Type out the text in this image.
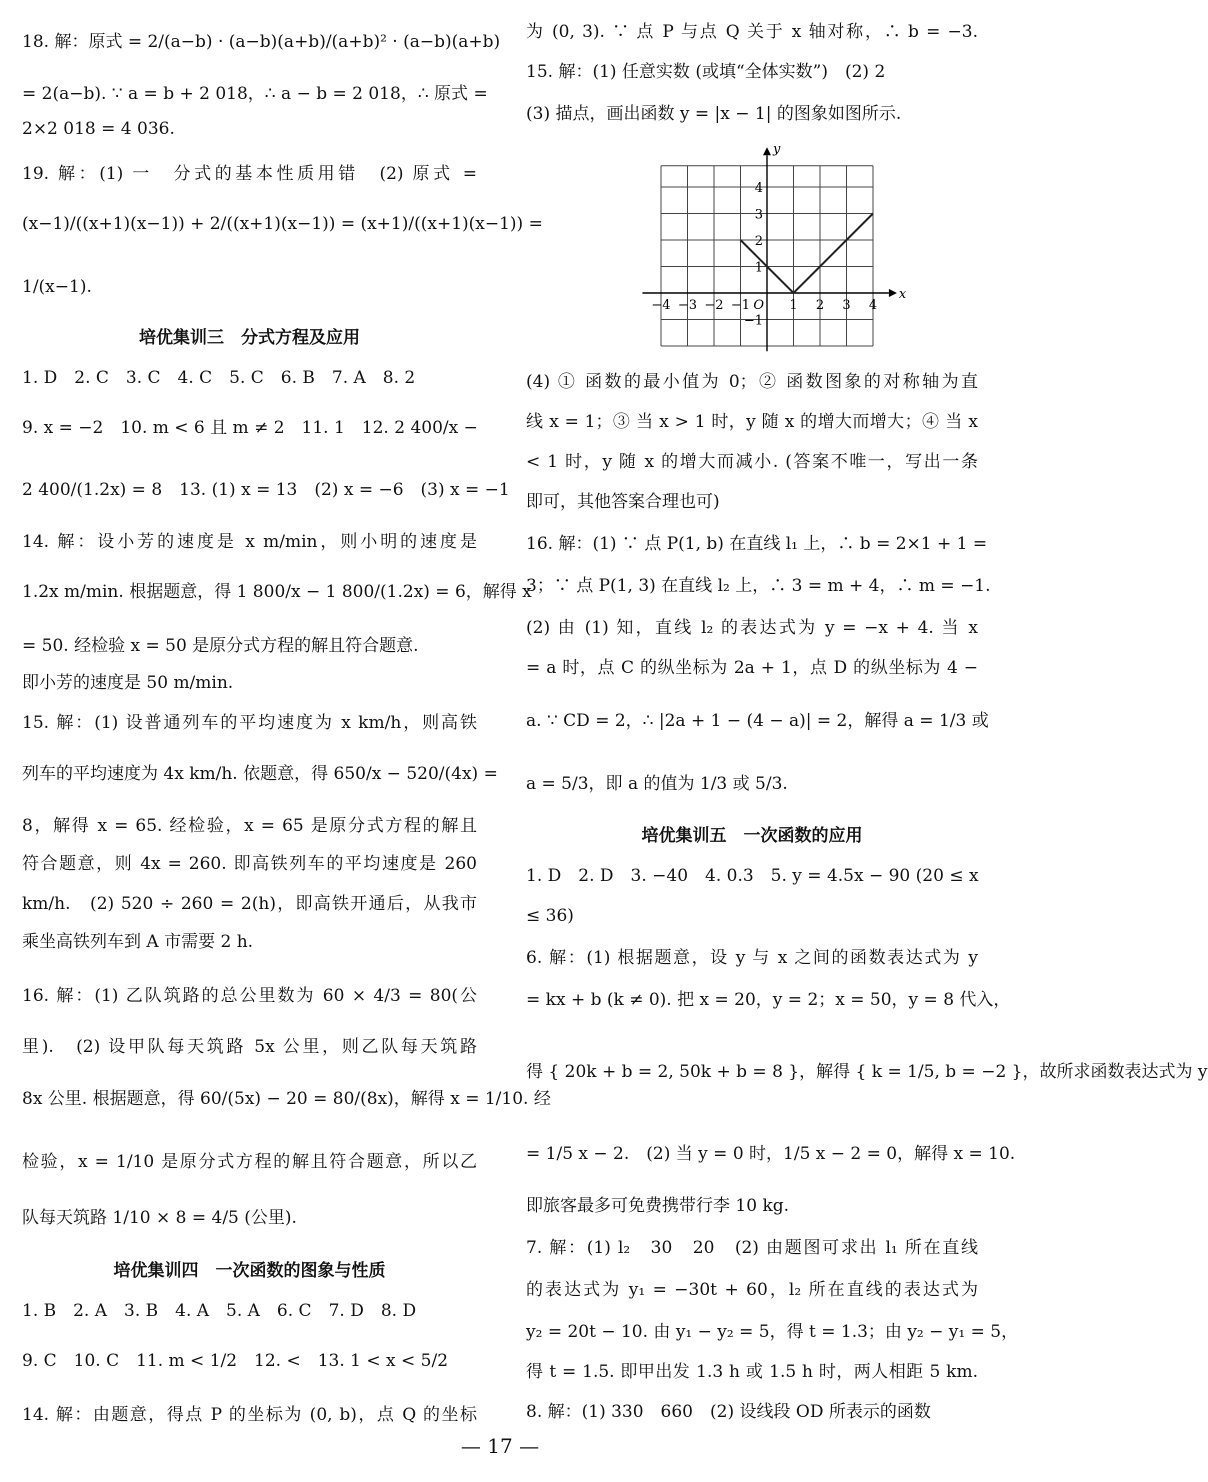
18. 解：原式 = 2/(a−b) · (a−b)(a+b)/(a+b)² · (a−b)(a+b)
= 2(a−b). ∵ a = b + 2 018，∴ a − b = 2 018，∴ 原式 =
2×2 018 = 4 036.
19. 解：(1) 一　分式的基本性质用错　(2) 原式 =
(x−1)/((x+1)(x−1)) + 2/((x+1)(x−1)) = (x+1)/((x+1)(x−1)) =
1/(x−1).
培优集训三　分式方程及应用
1. D　2. C　3. C　4. C　5. C　6. B　7. A　8. 2
9. x = −2　10. m < 6 且 m ≠ 2　11. 1　12. 2 400/x −
2 400/(1.2x) = 8　13. (1) x = 13　(2) x = −6　(3) x = −1
14. 解：设小芳的速度是 x m/min，则小明的速度是
1.2x m/min. 根据题意，得 1 800/x − 1 800/(1.2x) = 6，解得 x
= 50. 经检验 x = 50 是原分式方程的解且符合题意.
即小芳的速度是 50 m/min.
15. 解：(1) 设普通列车的平均速度为 x km/h，则高铁
列车的平均速度为 4x km/h. 依题意，得 650/x − 520/(4x) =
8，解得 x = 65. 经检验，x = 65 是原分式方程的解且
符合题意，则 4x = 260. 即高铁列车的平均速度是 260
km/h.　(2) 520 ÷ 260 = 2(h)，即高铁开通后，从我市
乘坐高铁列车到 A 市需要 2 h.
16. 解：(1) 乙队筑路的总公里数为 60 × 4/3 = 80(公
里).　(2) 设甲队每天筑路 5x 公里，则乙队每天筑路
8x 公里. 根据题意，得 60/(5x) − 20 = 80/(8x)，解得 x = 1/10. 经
检验，x = 1/10 是原分式方程的解且符合题意，所以乙
队每天筑路 1/10 × 8 = 4/5 (公里).
培优集训四　一次函数的图象与性质
1. B　2. A　3. B　4. A　5. A　6. C　7. D　8. D
9. C　10. C　11. m < 1/2　12. <　13. 1 < x < 5/2
14. 解：由题意，得点 P 的坐标为 (0, b)，点 Q 的坐标
为 (0, 3). ∵ 点 P 与点 Q 关于 x 轴对称，∴ b = −3.
15. 解：(1) 任意实数 (或填“全体实数”)　(2) 2
(3) 描点，画出函数 y = |x − 1| 的图象如图所示.
−4 −3 −2 −1	1 2 3 4
4
3
2
1
−1
O
x
y
(4) ① 函数的最小值为 0；② 函数图象的对称轴为直
线 x = 1；③ 当 x > 1 时，y 随 x 的增大而增大；④ 当 x
< 1 时，y 随 x 的增大而减小. (答案不唯一，写出一条
即可，其他答案合理也可)
16. 解：(1) ∵ 点 P(1, b) 在直线 l₁ 上，∴ b = 2×1 + 1 =
3；∵ 点 P(1, 3) 在直线 l₂ 上，∴ 3 = m + 4，∴ m = −1.
(2) 由 (1) 知，直线 l₂ 的表达式为 y = −x + 4. 当 x
= a 时，点 C 的纵坐标为 2a + 1，点 D 的纵坐标为 4 −
a. ∵ CD = 2，∴ |2a + 1 − (4 − a)| = 2，解得 a = 1/3 或
a = 5/3，即 a 的值为 1/3 或 5/3.
培优集训五　一次函数的应用
1. D　2. D　3. −40　4. 0.3　5. y = 4.5x − 90 (20 ≤ x
≤ 36)
6. 解：(1) 根据题意，设 y 与 x 之间的函数表达式为 y
= kx + b (k ≠ 0). 把 x = 20，y = 2；x = 50，y = 8 代入，
得 { 20k + b = 2, 50k + b = 8 }，解得 { k = 1/5, b = −2 }，故所求函数表达式为 y
= 1/5 x − 2.　(2) 当 y = 0 时，1/5 x − 2 = 0，解得 x = 10.
即旅客最多可免费携带行李 10 kg.
7. 解：(1) l₂　30　20　(2) 由题图可求出 l₁ 所在直线
的表达式为 y₁ = −30t + 60，l₂ 所在直线的表达式为
y₂ = 20t − 10. 由 y₁ − y₂ = 5，得 t = 1.3；由 y₂ − y₁ = 5，
得 t = 1.5. 即甲出发 1.3 h 或 1.5 h 时，两人相距 5 km.
8. 解：(1) 330　660　(2) 设线段 OD 所表示的函数
— 17 —
